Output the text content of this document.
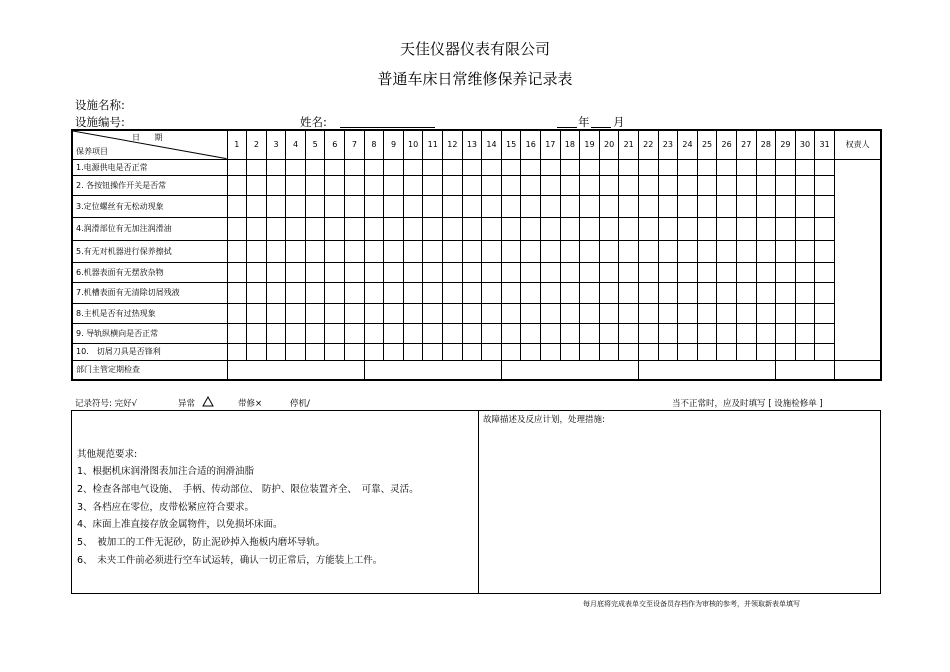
天佳仪器仪表有限公司
普通车床日常维修保养记录表
设施名称:
设施编号:	姓名:	年 月
日 期
保养项目	1	2	3	4	5	6	7	8	9	10	11	12	13	14	15	16	17	18	19	20	21	22	23	24	25	26	27	28	29	30	31	权责人
1.电源供电是否正常																																
2. 各按钮操作开关是否常																																
3.定位螺丝有无松动现象																																
4.润滑部位有无加注润滑油																																
5.有无对机器进行保养擦拭																																
6.机器表面有无摆放杂物																																
7.机槽表面有无清除切屑残液																																
8.主机是否有过热现象																																
9. 导轨纵横向是否正常																																
10.　切屑刀具是否锋利																																
部门主管定期检查																																
记录符号: 完好√	异常	带修×	停机/	当不正常时，应及时填写 [ 设施检修单 ]
故障描述及反应计划，处理措施:
其他规范要求:
1、根据机床润滑图表加注合适的润滑油脂
2、检查各部电气设施、　手柄、传动部位、 防护、限位装置齐全、　可靠、灵活。
3、各档应在零位，皮带松紧应符合要求。
4、床面上准直接存放金属物件，以免损坏床面。
5、　被加工的工件无泥砂，防止泥砂掉入拖板内磨坏导轨。
6、　未夹工件前必须进行空车试运转，确认一切正常后，方能装上工件。
每月底将完成表单交至设备员存档作为审核的参考，并领取新表单填写
